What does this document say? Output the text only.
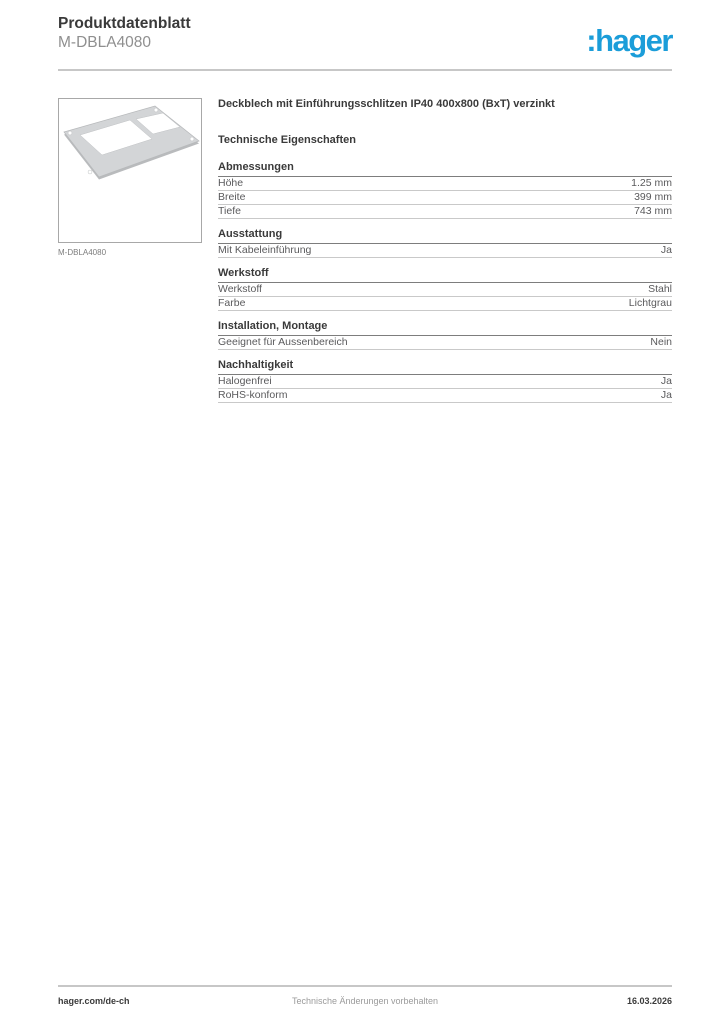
Produktdatenblatt
M-DBLA4080	:hager
M-DBLA4080
Deckblech mit Einführungsschlitzen IP40 400x800 (BxT) verzinkt
Technische Eigenschaften
Abmessungen
Höhe	1.25 mm
Breite	399 mm
Tiefe	743 mm
Ausstattung
Mit Kabeleinführung	Ja
Werkstoff
Werkstoff	Stahl
Farbe	Lichtgrau
Installation, Montage
Geeignet für Aussenbereich	Nein
Nachhaltigkeit
Halogenfrei	Ja
RoHS-konform	Ja
hager.com/de-ch	Technische Änderungen vorbehalten	16.03.2026
